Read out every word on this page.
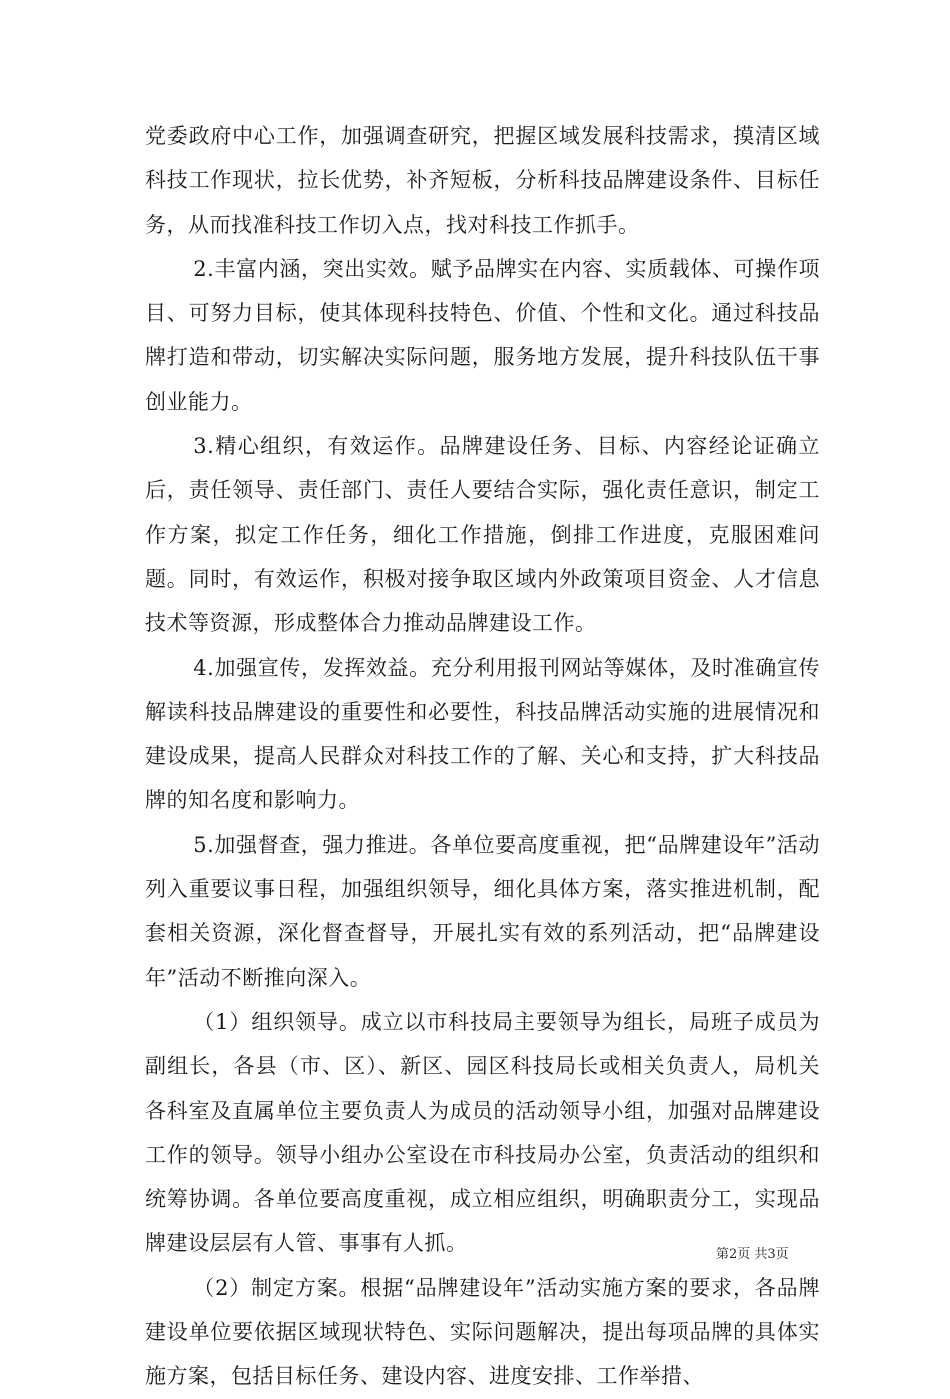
党委政府中心工作，加强调查研究，把握区域发展科技需求，摸清区域科技工作现状，拉长优势，补齐短板，分析科技品牌建设条件、目标任务，从而找准科技工作切入点，找对科技工作抓手。

2.丰富内涵，突出实效。赋予品牌实在内容、实质载体、可操作项目、可努力目标，使其体现科技特色、价值、个性和文化。通过科技品牌打造和带动，切实解决实际问题，服务地方发展，提升科技队伍干事创业能力。

3.精心组织，有效运作。品牌建设任务、目标、内容经论证确立后，责任领导、责任部门、责任人要结合实际，强化责任意识，制定工作方案，拟定工作任务，细化工作措施，倒排工作进度，克服困难问题。同时，有效运作，积极对接争取区域内外政策项目资金、人才信息技术等资源，形成整体合力推动品牌建设工作。

4.加强宣传，发挥效益。充分利用报刊网站等媒体，及时准确宣传解读科技品牌建设的重要性和必要性，科技品牌活动实施的进展情况和建设成果，提高人民群众对科技工作的了解、关心和支持，扩大科技品牌的知名度和影响力。

5.加强督查，强力推进。各单位要高度重视，把“品牌建设年”活动列入重要议事日程，加强组织领导，细化具体方案，落实推进机制，配套相关资源，深化督查督导，开展扎实有效的系列活动，把“品牌建设年”活动不断推向深入。

（1）组织领导。成立以市科技局主要领导为组长，局班子成员为副组长，各县（市、区）、新区、园区科技局长或相关负责人，局机关各科室及直属单位主要负责人为成员的活动领导小组，加强对品牌建设工作的领导。领导小组办公室设在市科技局办公室，负责活动的组织和统筹协调。各单位要高度重视，成立相应组织，明确职责分工，实现品牌建设层层有人管、事事有人抓。

（2）制定方案。根据“品牌建设年”活动实施方案的要求，各品牌建设单位要依据区域现状特色、实际问题解决，提出每项品牌的具体实施方案，包括目标任务、建设内容、进度安排、工作举措、

第2页 共3页
